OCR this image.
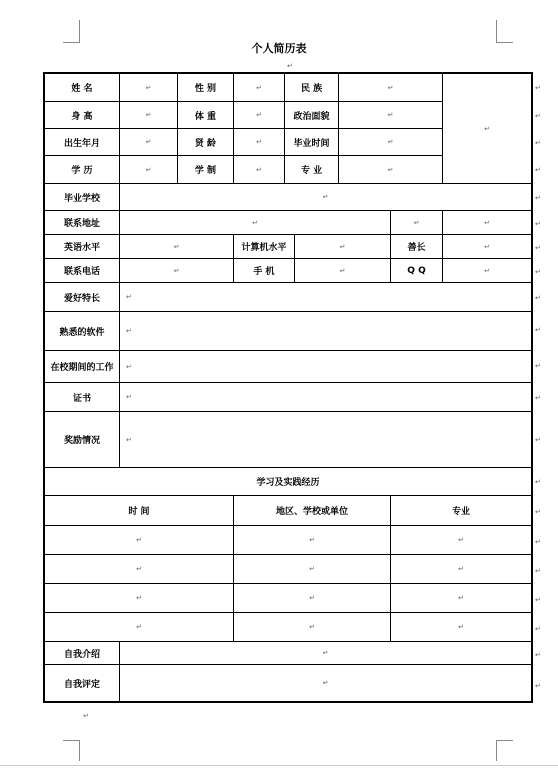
个人简历表
↵
姓 名	↵	性 别	↵	民 族		↵		↵
身 高	↵	体 重	↵	政治面貌		↵		
出生年月	↵	贤 龄	↵	毕业时间		↵		
学 历	↵	学 制	↵	专 业		↵		
毕业学校	↵							
联系地址	↵						↵	↵
英语水平	↵		计算机水平		↵		善长	↵
联系电话	↵		手 机		↵		Q Q	↵
爱好特长	↵							
熟悉的软件	↵							
在校期间的工作	↵							
证书	↵							
奖励情况	↵							
学习及实践经历								
时 间			地区、学校或单位				专业	
↵			↵				↵	
↵			↵				↵	
↵			↵				↵	
↵			↵				↵	
自我介绍	↵							
自我评定	↵							
↵
↵
↵
↵
↵
↵
↵
↵
↵
↵
↵
↵
↵
↵
↵
↵
↵
↵
↵
↵
↵
↵
